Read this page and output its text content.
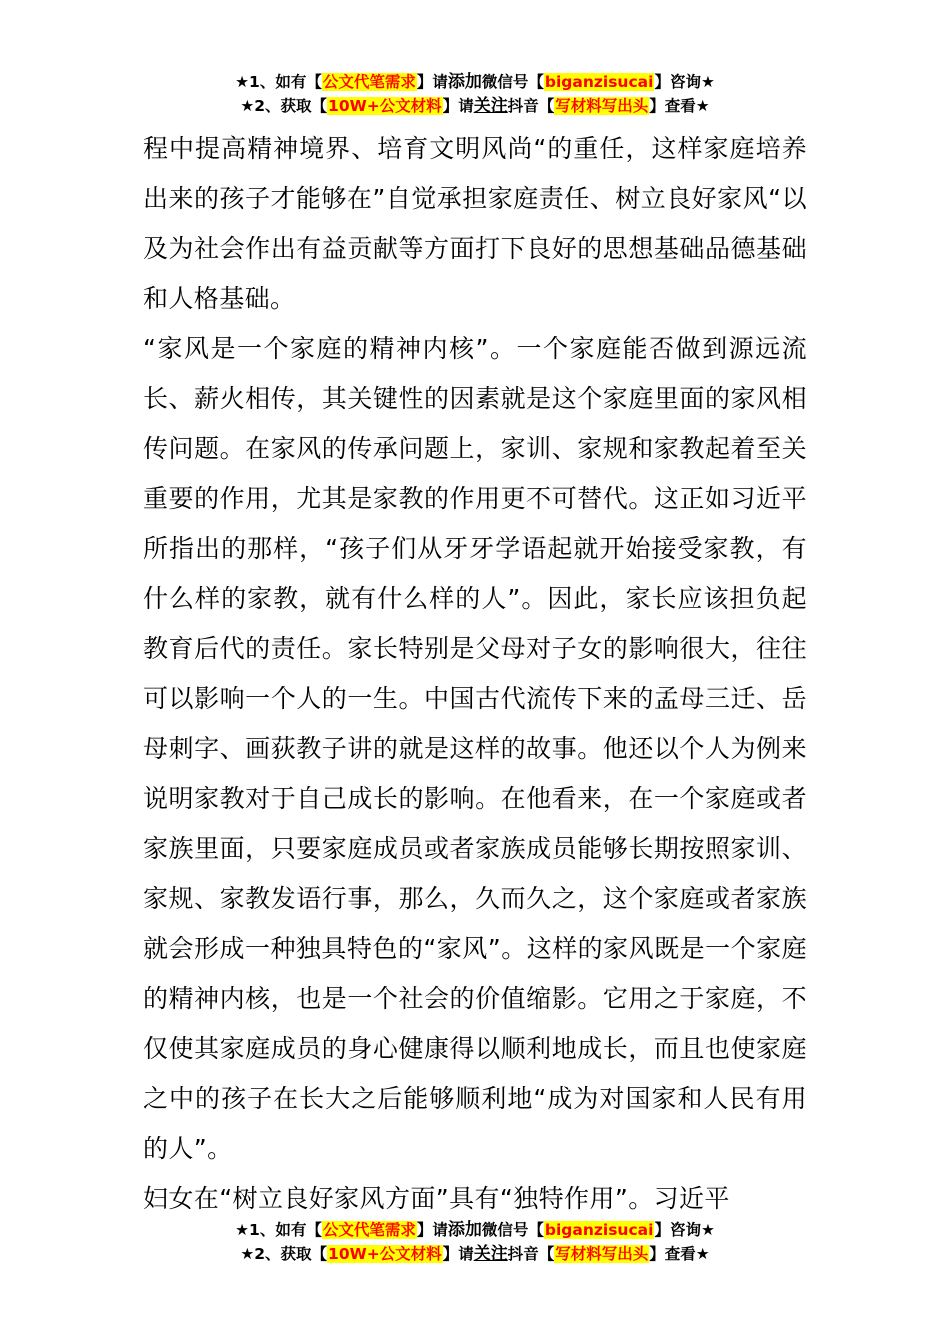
★1、如有【公文代笔需求】请添加微信号【biganzisucai】咨询★
★2、获取【10W+公文材料】请关注抖音【写材料写出头】查看★

程中提高精神境界、培育文明风尚“的重任，这样家庭培养出来的孩子才能够在”自觉承担家庭责任、树立良好家风“以及为社会作出有益贡献等方面打下良好的思想基础品德基础和人格基础。

“家风是一个家庭的精神内核”。一个家庭能否做到源远流长、薪火相传，其关键性的因素就是这个家庭里面的家风相传问题。在家风的传承问题上，家训、家规和家教起着至关重要的作用，尤其是家教的作用更不可替代。这正如习近平所指出的那样，“孩子们从牙牙学语起就开始接受家教，有什么样的家教，就有什么样的人”。因此，家长应该担负起教育后代的责任。家长特别是父母对子女的影响很大，往往可以影响一个人的一生。中国古代流传下来的孟母三迁、岳母刺字、画荻教子讲的就是这样的故事。他还以个人为例来说明家教对于自己成长的影响。在他看来，在一个家庭或者家族里面，只要家庭成员或者家族成员能够长期按照家训、家规、家教发语行事，那么，久而久之，这个家庭或者家族就会形成一种独具特色的“家风”。这样的家风既是一个家庭的精神内核，也是一个社会的价值缩影。它用之于家庭，不仅使其家庭成员的身心健康得以顺利地成长，而且也使家庭之中的孩子在长大之后能够顺利地“成为对国家和人民有用的人”。

妇女在“树立良好家风方面”具有“独特作用”。习近平

★1、如有【公文代笔需求】请添加微信号【biganzisucai】咨询★
★2、获取【10W+公文材料】请关注抖音【写材料写出头】查看★
